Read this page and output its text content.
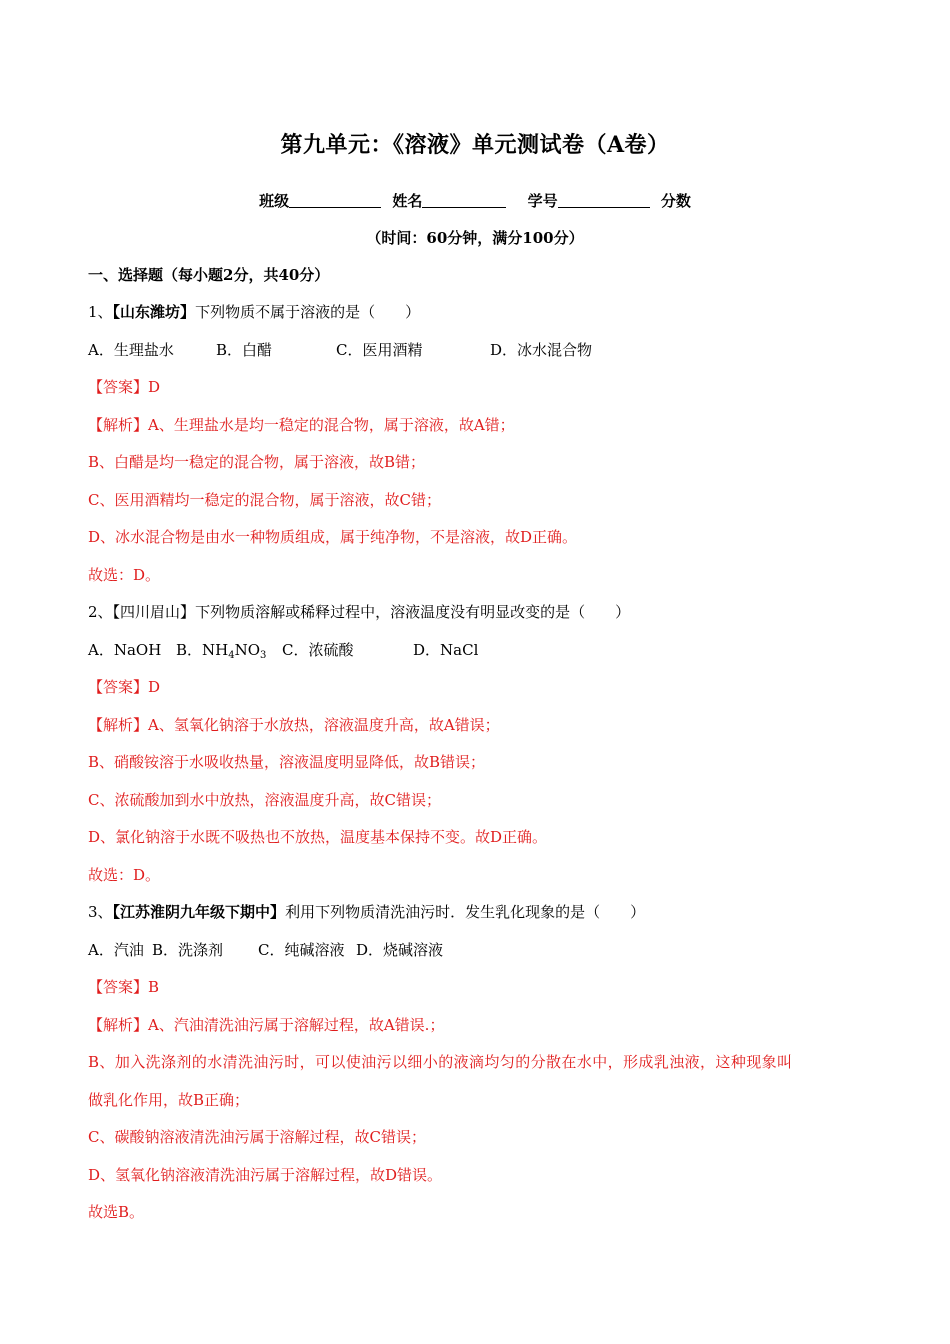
第九单元：《溶液》单元测试卷（A卷）
班级	姓名	学号	分数
（时间：60分钟，满分100分）
一、选择题（每小题2分，共40分）
1、【山东潍坊】下列物质不属于溶液的是（　　）
A．生理盐水	B．白醋	C．医用酒精	D．冰水混合物
【答案】D
【解析】A、生理盐水是均一稳定的混合物，属于溶液，故A错；
B、白醋是均一稳定的混合物，属于溶液，故B错；
C、医用酒精均一稳定的混合物，属于溶液，故C错；
D、冰水混合物是由水一种物质组成，属于纯净物，不是溶液，故D正确。
故选：D。
2、【四川眉山】下列物质溶解或稀释过程中，溶液温度没有明显改变的是（　　）
A．NaOH B．$NH_4NO_3$ C．浓硫酸	D．NaCl
【答案】D
【解析】A、氢氧化钠溶于水放热，溶液温度升高，故A错误；
B、硝酸铵溶于水吸收热量，溶液温度明显降低，故B错误；
C、浓硫酸加到水中放热，溶液温度升高，故C错误；
D、氯化钠溶于水既不吸热也不放热，温度基本保持不变。故D正确。
故选：D。
3、【江苏淮阴九年级下期中】利用下列物质清洗油污时．发生乳化现象的是（　　）
A．汽油 B．洗涤剂 C．纯碱溶液 D．烧碱溶液
【答案】B
【解析】A、汽油清洗油污属于溶解过程，故A错误.；
B、加入洗涤剂的水清洗油污时，可以使油污以细小的液滴均匀的分散在水中，形成乳浊液，这种现象叫
做乳化作用，故B正确；
C、碳酸钠溶液清洗油污属于溶解过程，故C错误；
D、氢氧化钠溶液清洗油污属于溶解过程，故D错误。
故选B。
